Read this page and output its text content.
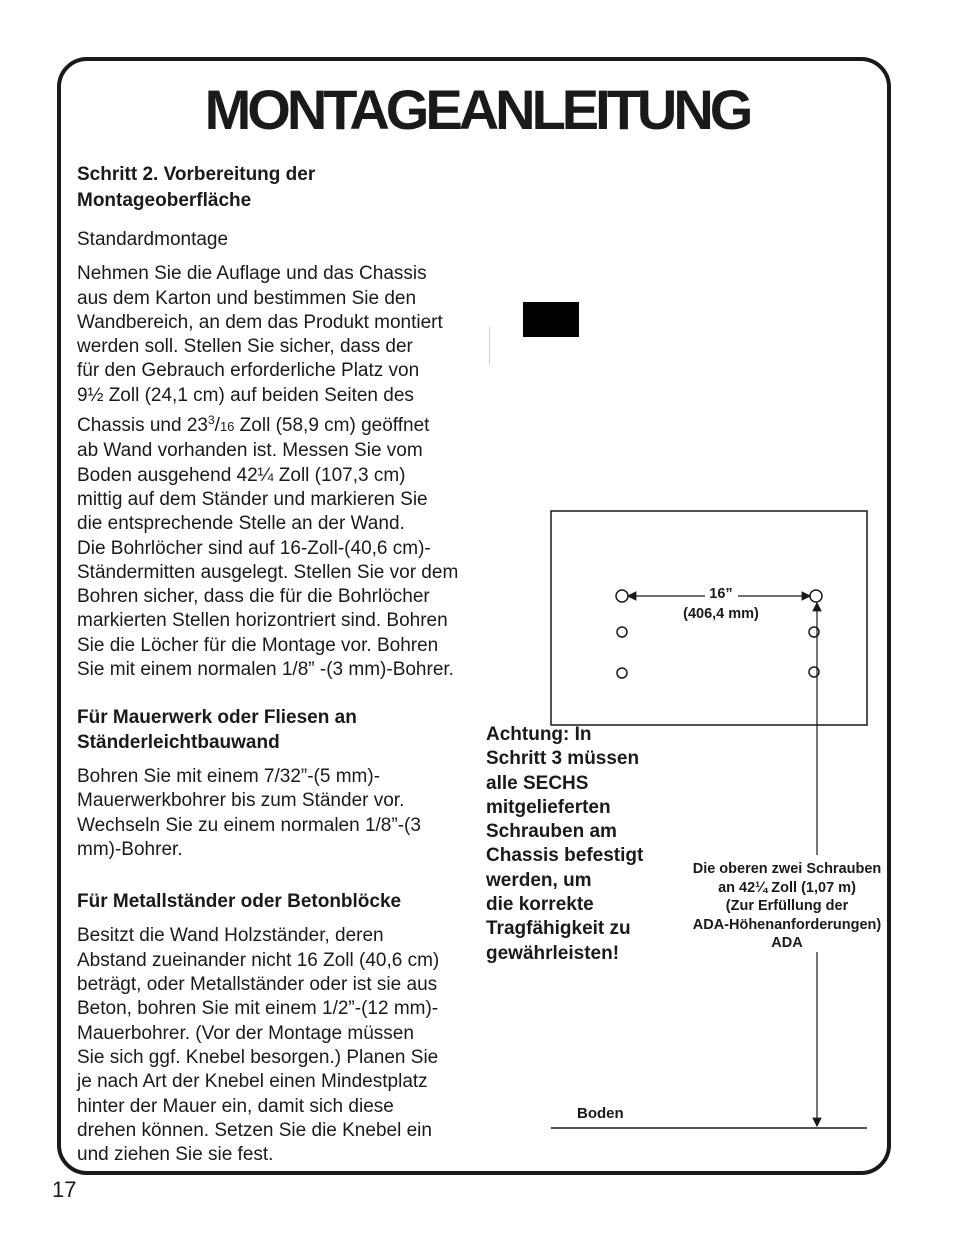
MONTAGEANLEITUNG

Schritt 2. Vorbereitung der
Montageoberfläche

Standardmontage

Nehmen Sie die Auflage und das Chassis
aus dem Karton und bestimmen Sie den
Wandbereich, an dem das Produkt montiert
werden soll. Stellen Sie sicher, dass der
für den Gebrauch erforderliche Platz von
9½ Zoll (24,1 cm) auf beiden Seiten des
Chassis und $23^3/16$ Zoll (58,9 cm) geöffnet
ab Wand vorhanden ist. Messen Sie vom
Boden ausgehend 42¼ Zoll (107,3 cm)
mittig auf dem Ständer und markieren Sie
die entsprechende Stelle an der Wand.
Die Bohrlöcher sind auf 16-Zoll-(40,6 cm)-
Ständermitten ausgelegt. Stellen Sie vor dem
Bohren sicher, dass die für die Bohrlöcher
markierten Stellen horizontriert sind. Bohren
Sie die Löcher für die Montage vor. Bohren
Sie mit einem normalen 1/8” -(3 mm)-Bohrer.

Für Mauerwerk oder Fliesen an
Ständerleichtbauwand

Bohren Sie mit einem 7/32”-(5 mm)-
Mauerwerkbohrer bis zum Ständer vor.
Wechseln Sie zu einem normalen 1/8”-(3
mm)-Bohrer.

Für Metallständer oder Betonblöcke

Besitzt die Wand Holzständer, deren
Abstand zueinander nicht 16 Zoll (40,6 cm)
beträgt, oder Metallständer oder ist sie aus
Beton, bohren Sie mit einem 1/2”-(12 mm)-
Mauerbohrer. (Vor der Montage müssen
Sie sich ggf. Knebel besorgen.) Planen Sie
je nach Art der Knebel einen Mindestplatz
hinter der Mauer ein, damit sich diese
drehen können. Setzen Sie die Knebel ein
und ziehen Sie sie fest.

Achtung: In
Schritt 3 müssen
alle SECHS
mitgelieferten
Schrauben am
Chassis befestigt
werden, um
die korrekte
Tragfähigkeit zu
gewährleisten!

16”

(406,4 mm)

Die oberen zwei Schrauben
an 42¼ Zoll (1,07 m)
(Zur Erfüllung der
ADA-Höhenanforderungen)
ADA

Boden

17
